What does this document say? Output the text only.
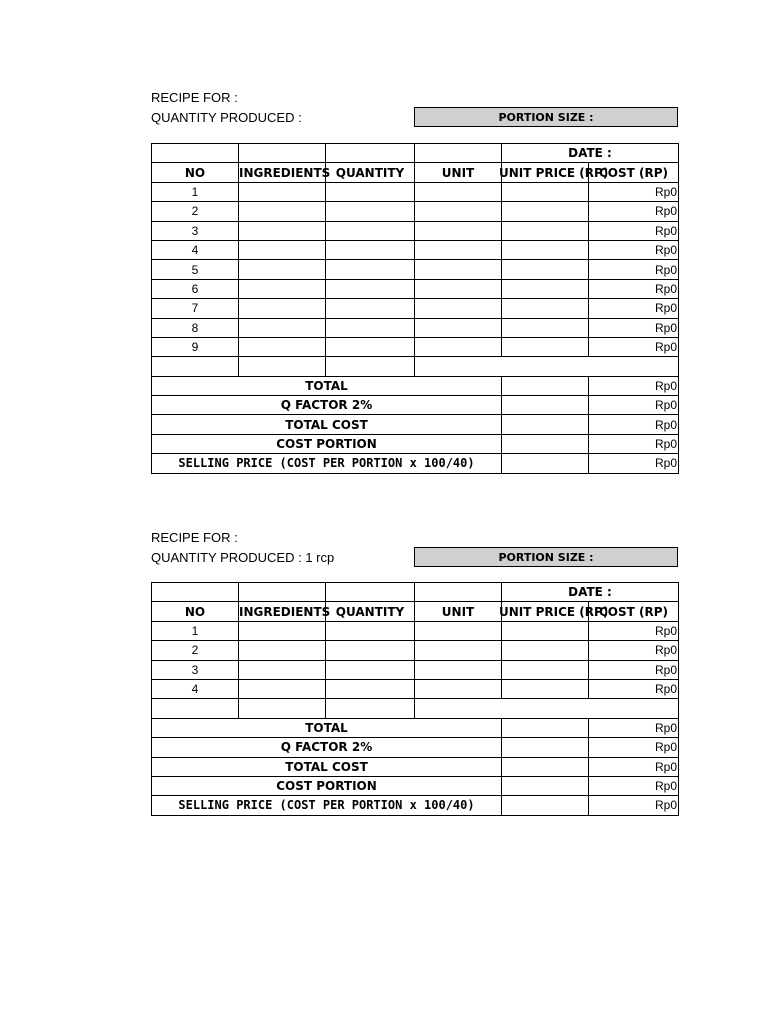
RECIPE FOR :
QUANTITY PRODUCED :	PORTION SIZE :
				DATE :	
NO	INGREDIENTS	QUANTITY	UNIT	UNIT PRICE (RP)	COST (RP)
1					Rp0
2					Rp0
3					Rp0
4					Rp0
5					Rp0
6					Rp0
7					Rp0
8					Rp0
9					Rp0

TOTAL					Rp0
Q FACTOR 2%					Rp0
TOTAL COST					Rp0
COST PORTION					Rp0
SELLING PRICE (COST PER PORTION x 100/40)					Rp0
RECIPE FOR :
QUANTITY PRODUCED : 1 rcp	PORTION SIZE :
				DATE :	
NO	INGREDIENTS	QUANTITY	UNIT	UNIT PRICE (RP)	COST (RP)
1					Rp0
2					Rp0
3					Rp0
4					Rp0

TOTAL					Rp0
Q FACTOR 2%					Rp0
TOTAL COST					Rp0
COST PORTION					Rp0
SELLING PRICE (COST PER PORTION x 100/40)					Rp0
